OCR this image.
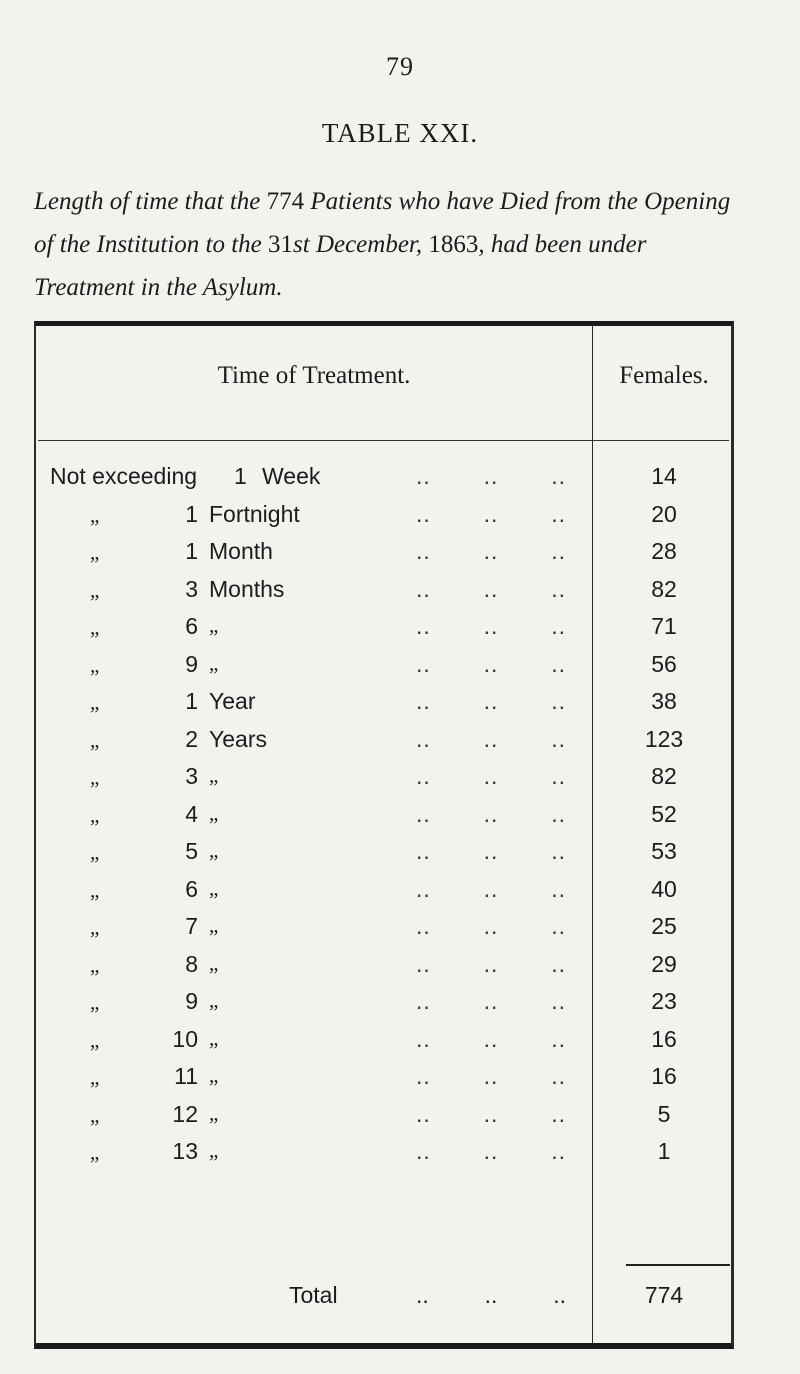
79
TABLE XXI.
Length of time that the 774 Patients who have Died from the Opening of the Institution to the 31st December, 1863, had been under Treatment in the Asylum.
Time of Treatment.	Females.
Not exceeding 1 Week	.. .. ..	14
„	1 Fortnight	.. .. ..	20
„	1 Month	.. .. ..	28
„	3 Months	.. .. ..	82
„	6 „	.. .. ..	71
„	9 „	.. .. ..	56
„	1 Year	.. .. ..	38
„	2 Years	.. .. ..	123
„	3 „	.. .. ..	82
„	4 „	.. .. ..	52
„	5 „	.. .. ..	53
„	6 „	.. .. ..	40
„	7 „	.. .. ..	25
„	8 „	.. .. ..	29
„	9 „	.. .. ..	23
„	10 „	.. .. ..	16
„	11 „	.. .. ..	16
„	12 „	.. .. ..	5
„	13 „	.. .. ..	1
Total	.. .. ..	774
